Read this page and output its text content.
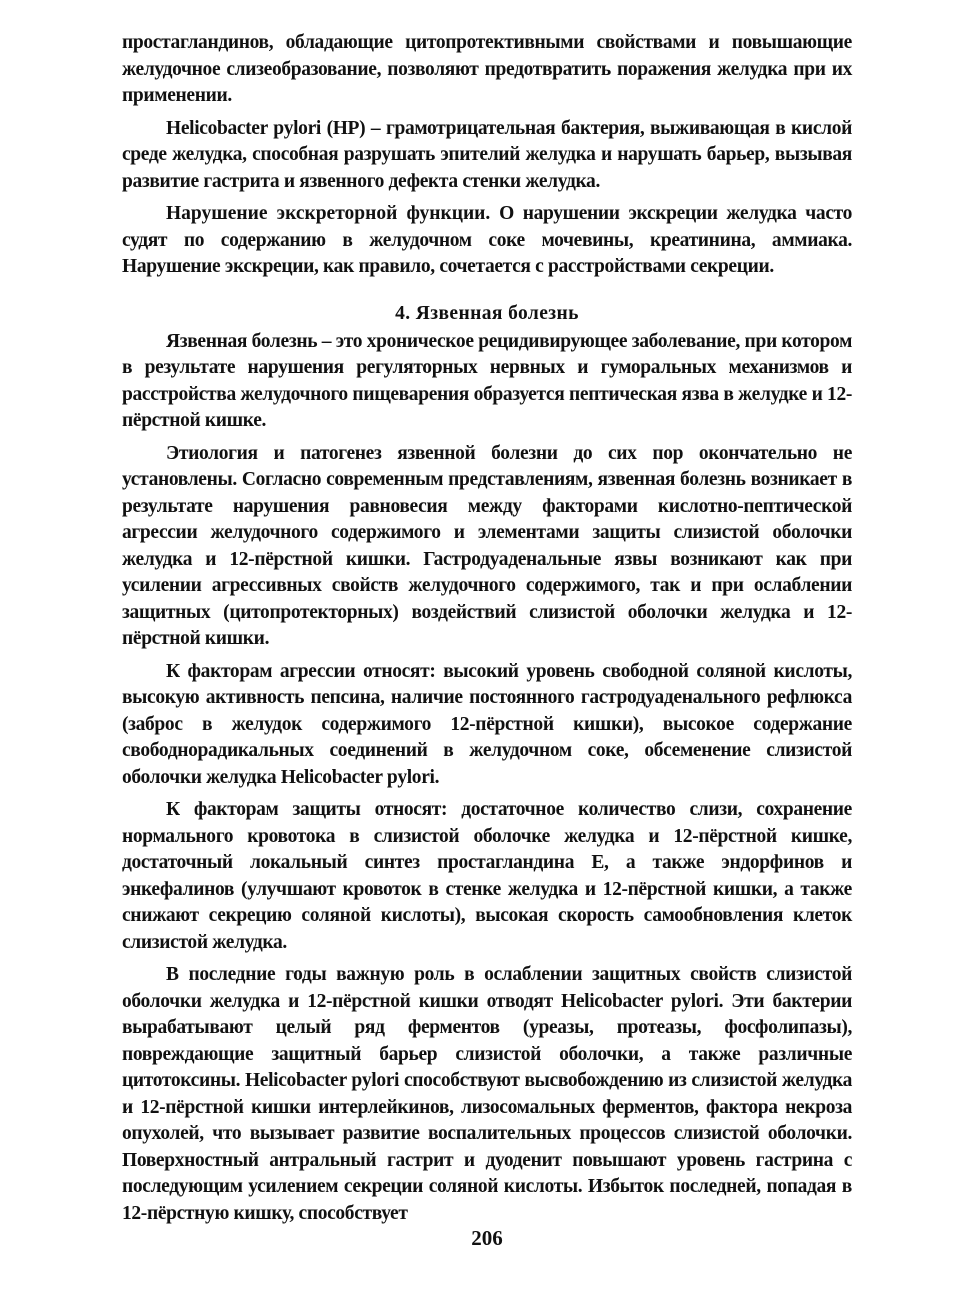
простагландинов, обладающие цитопротективными свойствами и повышающие желудочное слизеобразование, позволяют предотвратить поражения желудка при их применении.

Helicobacter pylori (HP) – грамотрицательная бактерия, выживающая в кислой среде желудка, способная разрушать эпителий желудка и нарушать барьер, вызывая развитие гастрита и язвенного дефекта стенки желудка.

Нарушение экскреторной функции. О нарушении экскреции желудка часто судят по содержанию в желудочном соке мочевины, креатинина, аммиака. Нарушение экскреции, как правило, сочетается с расстройствами секреции.

4. Язвенная болезнь

Язвенная болезнь – это хроническое рецидивирующее заболевание, при котором в результате нарушения регуляторных нервных и гуморальных механизмов и расстройства желудочного пищеварения образуется пептическая язва в желудке и 12-пёрстной кишке.

Этиология и патогенез язвенной болезни до сих пор окончательно не установлены. Согласно современным представлениям, язвенная болезнь возникает в результате нарушения равновесия между факторами кислотно-пептической агрессии желудочного содержимого и элементами защиты слизистой оболочки желудка и 12-пёрстной кишки. Гастродуаденальные язвы возникают как при усилении агрессивных свойств желудочного содержимого, так и при ослаблении защитных (цитопротекторных) воздействий слизистой оболочки желудка и 12-пёрстной кишки.

К факторам агрессии относят: высокий уровень свободной соляной кислоты, высокую активность пепсина, наличие постоянного гастродуаденального рефлюкса (заброс в желудок содержимого 12-пёрстной кишки), высокое содержание свободнорадикальных соединений в желудочном соке, обсеменение слизистой оболочки желудка Helicobacter pylori.

К факторам защиты относят: достаточное количество слизи, сохранение нормального кровотока в слизистой оболочке желудка и 12-пёрстной кишке, достаточный локальный синтез простагландина Е, а также эндорфинов и энкефалинов (улучшают кровоток в стенке желудка и 12-пёрстной кишки, а также снижают секрецию соляной кислоты), высокая скорость самообновления клеток слизистой желудка.

В последние годы важную роль в ослаблении защитных свойств слизистой оболочки желудка и 12-пёрстной кишки отводят Helicobacter pylori. Эти бактерии вырабатывают целый ряд ферментов (уреазы, протеазы, фосфолипазы), повреждающие защитный барьер слизистой оболочки, а также различные цитотоксины. Helicobacter pylori способствуют высвобождению из слизистой желудка и 12-пёрстной кишки интерлейкинов, лизосомальных ферментов, фактора некроза опухолей, что вызывает развитие воспалительных процессов слизистой оболочки. Поверхностный антральный гастрит и дуоденит повышают уровень гастрина с последующим усилением секреции соляной кислоты. Избыток последней, попадая в 12-пёрстную кишку, способствует

206
